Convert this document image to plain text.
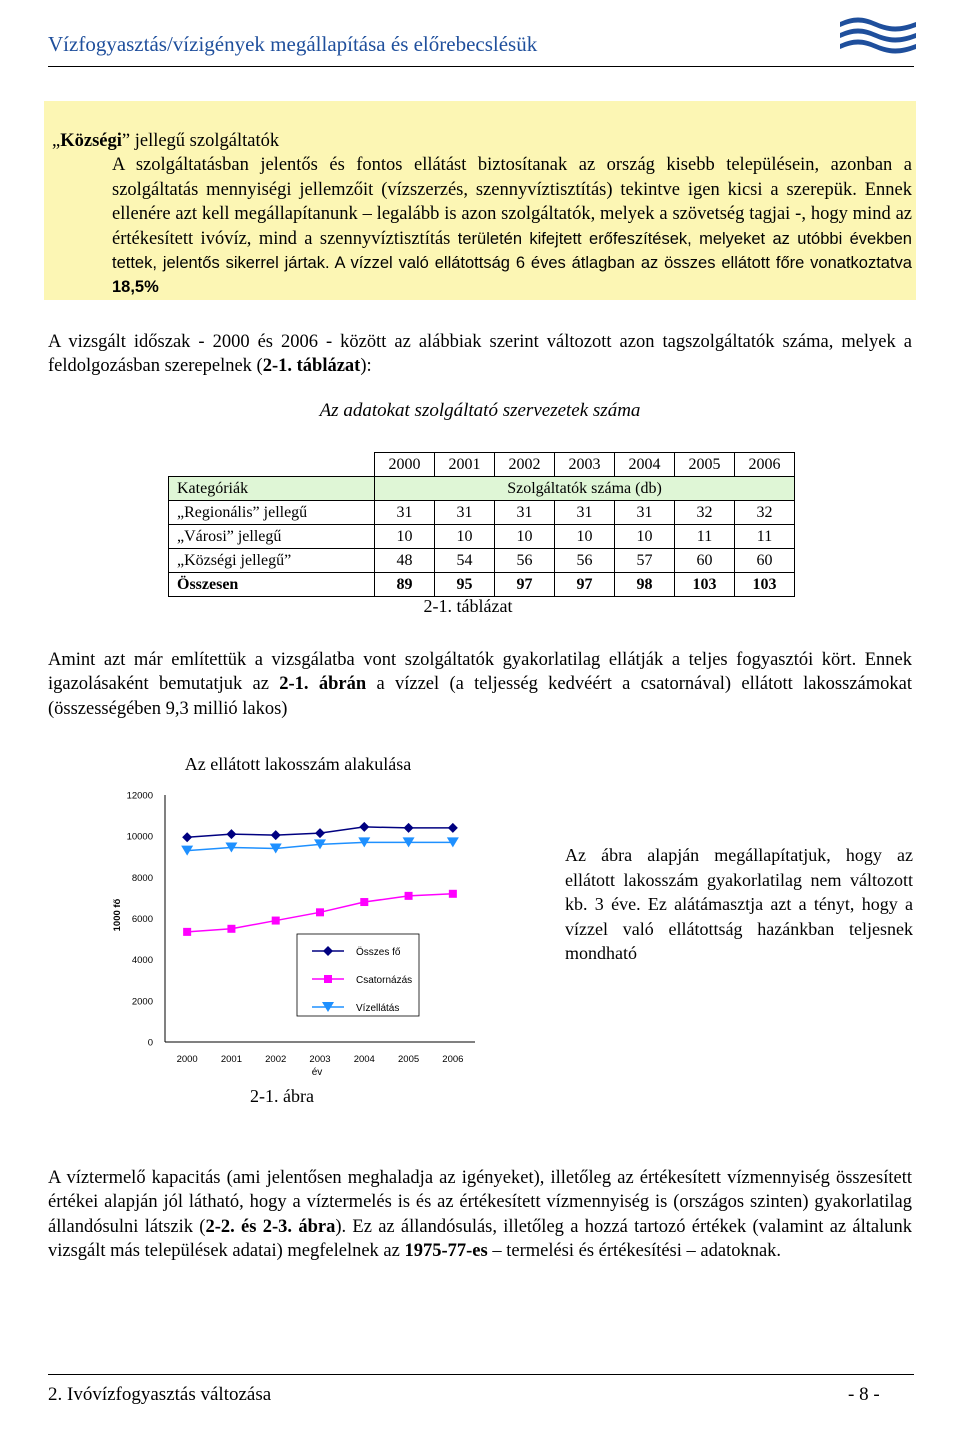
Vízfogyasztás/vízigények megállapítása és előrebecslésük
„Községi” jellegű szolgáltatók
A szolgáltatásban jelentős és fontos ellátást biztosítanak az ország kisebb településein, azonban a szolgáltatás mennyiségi jellemzőit (vízszerzés, szennyvíztisztítás) tekintve igen kicsi a szerepük. Ennek ellenére azt kell megállapítanunk – legalább is azon szolgáltatók, melyek a szövetség tagjai -, hogy mind az értékesített ivóvíz, mind a szennyvíztisztítás területén kifejtett erőfeszítések, melyeket az utóbbi években tettek, jelentős sikerrel jártak. A vízzel való ellátottság 6 éves átlagban az összes ellátott főre vonatkoztatva 18,5%
A vizsgált időszak - 2000 és 2006 - között az alábbiak szerint változott azon tagszolgáltatók száma, melyek a feldolgozásban szerepelnek (2-1. táblázat):
Az adatokat szolgáltató szervezetek száma
	2000	2001	2002	2003	2004	2005	2006
Kategóriák	Szolgáltatók száma (db)						
„Regionális” jellegű	31	31	31	31	31	32	32
„Városi” jellegű	10	10	10	10	10	11	11
„Községi jellegű”	48	54	56	56	57	60	60
Összesen	89	95	97	97	98	103	103
2-1. táblázat
Amint azt már említettük a vizsgálatba vont szolgáltatók gyakorlatilag ellátják a teljes fogyasztói kört. Ennek igazolásaként bemutatjuk az 2-1. ábrán a vízzel (a teljesség kedvéért a csatornával) ellátott lakosszámokat (összességében 9,3 millió lakos)
Az ellátott lakosszám alakulása
1000 fő
0
2000
4000
6000
8000
10000
12000
2000 2001 2002 2003 2004 2005 2006
év
Összes fő
Csatornázás
Vízellátás
2-1. ábra
Az ábra alapján megállapítatjuk, hogy az ellátott lakosszám gyakorlatilag nem változott kb. 3 éve. Ez alátámasztja azt a tényt, hogy a vízzel való ellátottság hazánkban teljesnek mondható
A víztermelő kapacitás (ami jelentősen meghaladja az igényeket), illetőleg az értékesített vízmennyiség összesített értékei alapján jól látható, hogy a víztermelés is és az értékesített vízmennyiség is (országos szinten) gyakorlatilag állandósulni látszik (2-2. és 2-3. ábra). Ez az állandósulás, illetőleg a hozzá tartozó értékek (valamint az általunk vizsgált más települések adatai) megfelelnek az 1975-77-es – termelési és értékesítési – adatoknak.
2. Ivóvízfogyasztás változása	- 8 -
